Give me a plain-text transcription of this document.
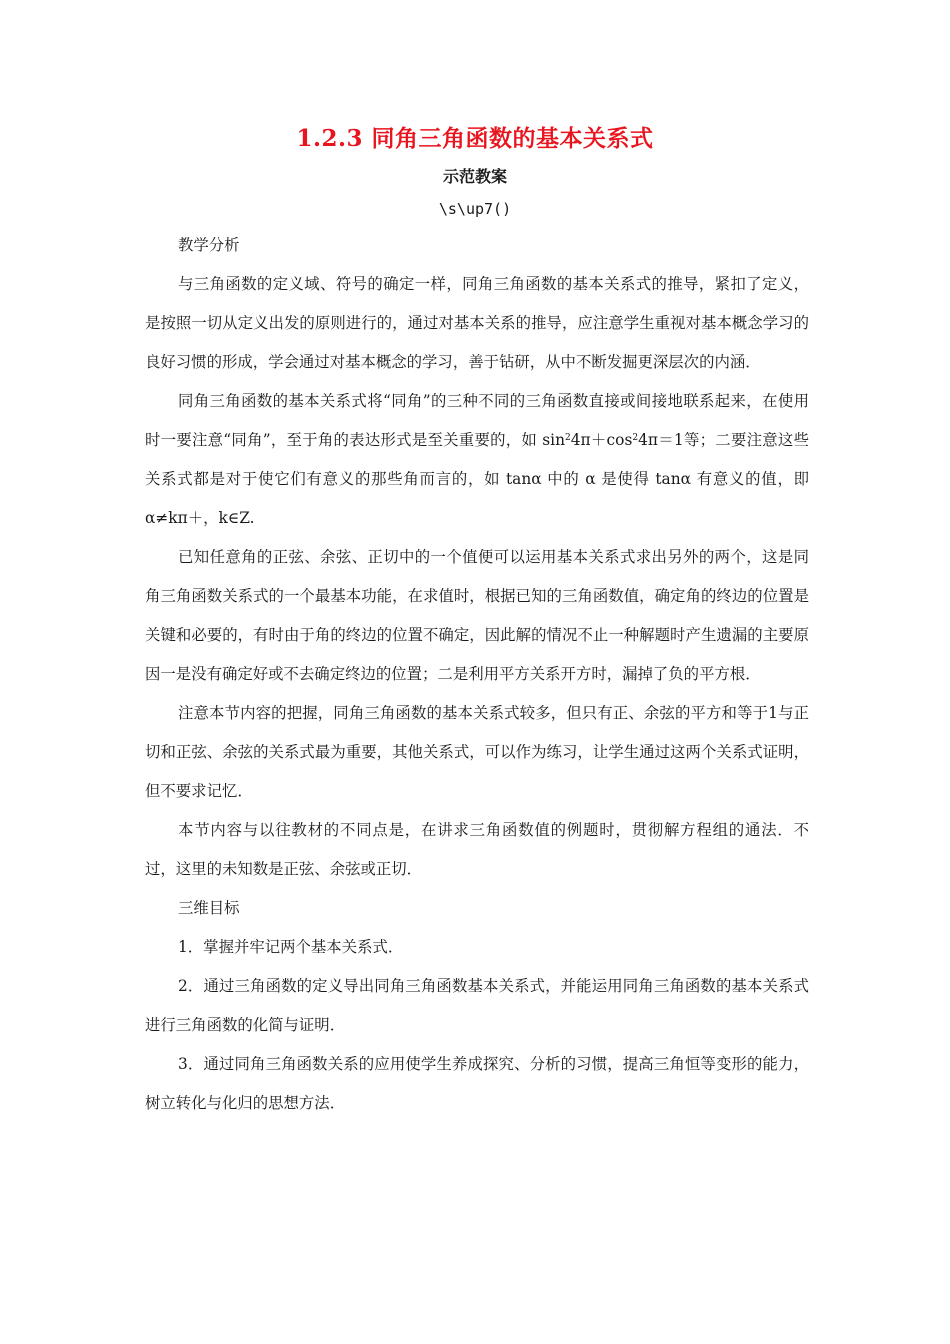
1.2.3 同角三角函数的基本关系式
示范教案
\s\up7()

教学分析

与三角函数的定义域、符号的确定一样，同角三角函数的基本关系式的推导，紧扣了定义，是按照一切从定义出发的原则进行的，通过对基本关系的推导，应注意学生重视对基本概念学习的良好习惯的形成，学会通过对基本概念的学习，善于钻研，从中不断发掘更深层次的内涵．

同角三角函数的基本关系式将“同角”的三种不同的三角函数直接或间接地联系起来，在使用时一要注意“同角”，至于角的表达形式是至关重要的，如 $\sin^24\pi+\cos^24\pi=1$等；二要注意这些关系式都是对于使它们有意义的那些角而言的，如 tanα 中的 α 是使得 tanα 有意义的值，即 α≠kπ＋，k∈Z.

已知任意角的正弦、余弦、正切中的一个值便可以运用基本关系式求出另外的两个，这是同角三角函数关系式的一个最基本功能，在求值时，根据已知的三角函数值，确定角的终边的位置是关键和必要的，有时由于角的终边的位置不确定，因此解的情况不止一种解题时产生遗漏的主要原因一是没有确定好或不去确定终边的位置；二是利用平方关系开方时，漏掉了负的平方根．

注意本节内容的把握，同角三角函数的基本关系式较多，但只有正、余弦的平方和等于1与正切和正弦、余弦的关系式最为重要，其他关系式，可以作为练习，让学生通过这两个关系式证明，但不要求记忆．

本节内容与以往教材的不同点是，在讲求三角函数值的例题时，贯彻解方程组的通法．不过，这里的未知数是正弦、余弦或正切．

三维目标

1．掌握并牢记两个基本关系式．

2．通过三角函数的定义导出同角三角函数基本关系式，并能运用同角三角函数的基本关系式进行三角函数的化简与证明．

3．通过同角三角函数关系的应用使学生养成探究、分析的习惯，提高三角恒等变形的能力，树立转化与化归的思想方法．
